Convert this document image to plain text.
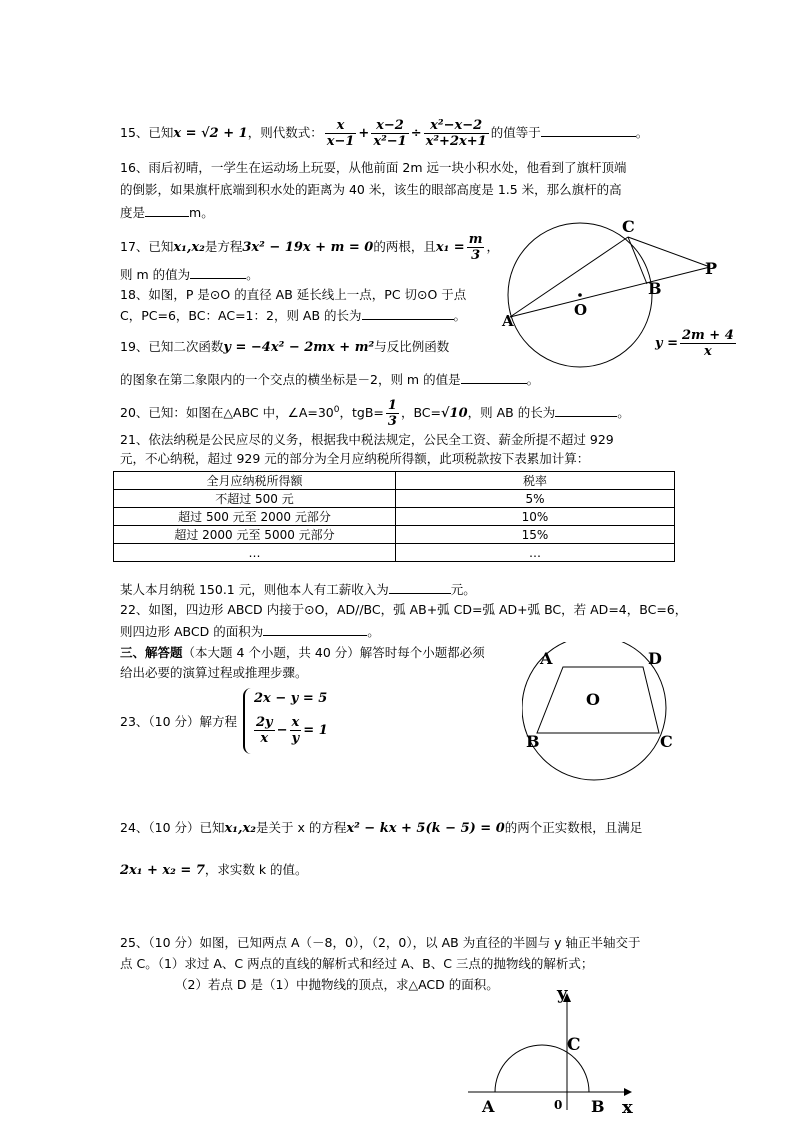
15、已知x = √2 + 1，则代数式： $\frac{x}{x-1} + \frac{x-2}{\text{x²−1}} \div \frac{\text{x²−x−2}}{\text{x²+2x+1}}$ 的值等于	。
16、雨后初晴，一学生在运动场上玩耍，从他前面 2m 远一块小积水处，他看到了旗杆顶端
的倒影，如果旗杆底端到积水处的距离为 40 米，该生的眼部高度是 1.5 米，那么旗杆的高
度是	m。
17、已知x₁,x₂是方程3x² − 19x + m = 0的两根，且$x_1 = \frac{m}{3}$ ，
则 m 的值为	。
18、如图，P 是⊙O 的直径 AB 延长线上一点，PC 切⊙O 于点
C，PC=6，BC：AC=1：2，则 AB 的长为	。
C
P
B
A
O
19、已知二次函数y = −4x² − 2mx + m²与反比例函数	$y = \frac{2m + 4}{x}$
的图象在第二象限内的一个交点的横坐标是－2，则 m 的值是	。
20、已知：如图在△ABC 中，$\angle A=30^0$，$tgB= \frac{1}{3}$ ，BC=√10，则 AB 的长为	。
21、依法纳税是公民应尽的义务，根据我中税法规定，公民全工资、薪金所提不超过 929
元，不心纳税，超过 929 元的部分为全月应纳税所得额，此项税款按下表累加计算：
全月应纳税所得额	税率
不超过 500 元	5%
超过 500 元至 2000 元部分	10%
超过 2000 元至 5000 元部分	15%
…	…
某人本月纳税 150.1 元，则他本人有工薪收入为	元。
22、如图，四边形 ABCD 内接于⊙O，AD//BC，弧 AB+弧 CD=弧 AD+弧 BC，若 AD=4，BC=6，
则四边形 ABCD 的面积为	。
三、解答题（本大题 4 个小题，共 40 分）解答时每个小题都必须
给出必要的演算过程或推理步骤。
A	D
O
B	C
23、（10 分）解方程
2x − y = 5
$\frac{2y}{x} - \frac{x}{y} = 1$
24、（10 分）已知x₁,x₂是关于 x 的方程x² − kx + 5(k − 5) = 0的两个正实数根，且满足
2x₁ + x₂ = 7，求实数 k 的值。
25、（10 分）如图，已知两点 A（－8，0），（2，0），以 AB 为直径的半圆与 y 轴正半轴交于
点 C。（1）求过 A、C 两点的直线的解析式和经过 A、B、C 三点的抛物线的解析式；
（2）若点 D 是（1）中抛物线的顶点，求△ACD 的面积。	y
C
A	0 B x
